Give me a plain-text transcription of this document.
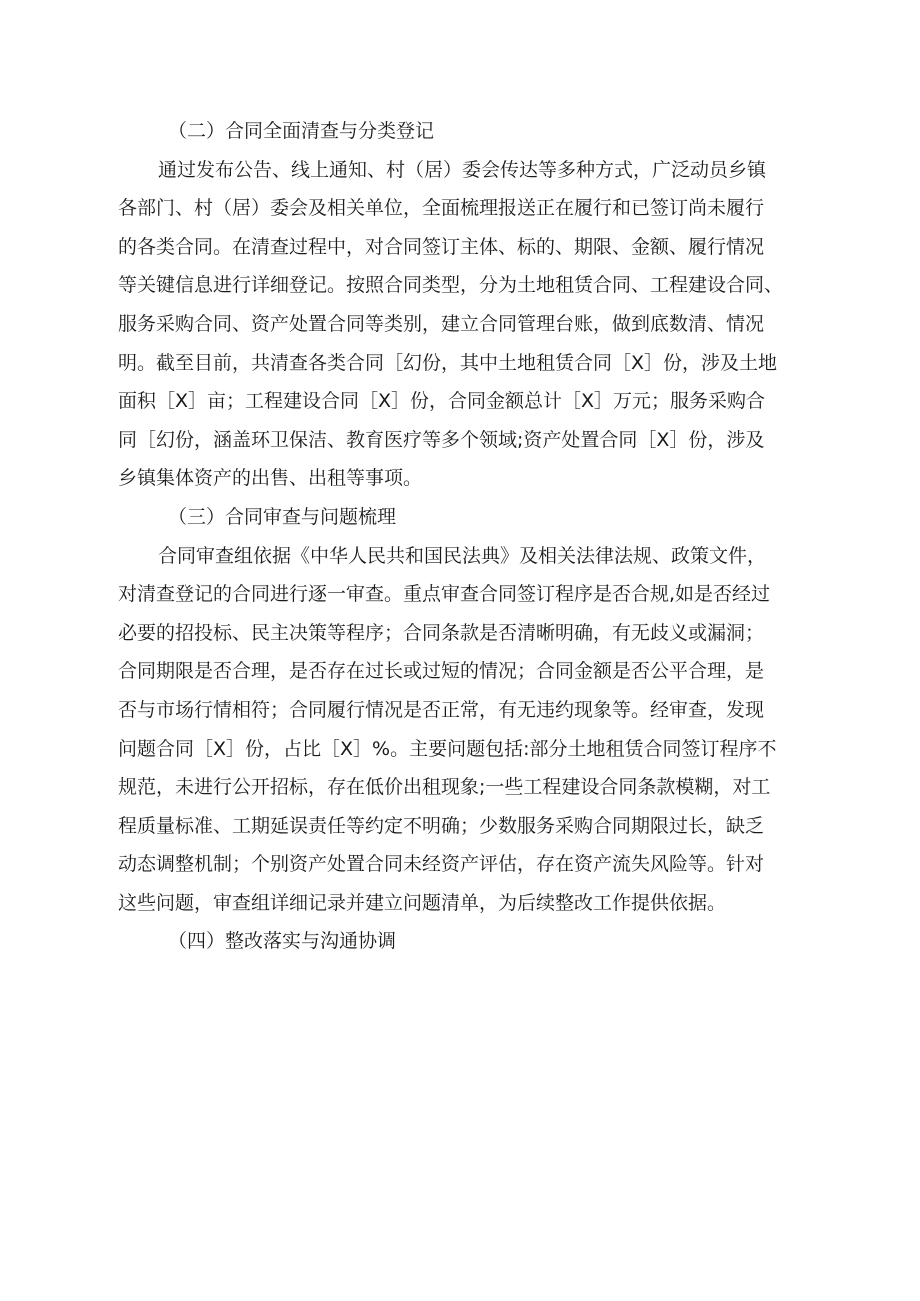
（二）合同全面清查与分类登记

通过发布公告、线上通知、村（居）委会传达等多种方式，广泛动员乡镇
各部门、村（居）委会及相关单位，全面梳理报送正在履行和已签订尚未履行
的各类合同。在清查过程中，对合同签订主体、标的、期限、金额、履行情况
等关键信息进行详细登记。按照合同类型，分为土地租赁合同、工程建设合同、
服务采购合同、资产处置合同等类别，建立合同管理台账，做到底数清、情况
明。截至目前，共清查各类合同［幻份，其中土地租赁合同［X］份，涉及土地
面积［X］亩；工程建设合同［X］份，合同金额总计［X］万元；服务采购合
同［幻份，涵盖环卫保洁、教育医疗等多个领域;资产处置合同［X］份，涉及
乡镇集体资产的出售、出租等事项。

（三）合同审查与问题梳理

合同审查组依据《中华人民共和国民法典》及相关法律法规、政策文件，
对清查登记的合同进行逐一审查。重点审查合同签订程序是否合规,如是否经过
必要的招投标、民主决策等程序；合同条款是否清晰明确，有无歧义或漏洞；
合同期限是否合理，是否存在过长或过短的情况；合同金额是否公平合理，是
否与市场行情相符；合同履行情况是否正常，有无违约现象等。经审查，发现
问题合同［X］份，占比［X］%。主要问题包括:部分土地租赁合同签订程序不
规范，未进行公开招标，存在低价出租现象;一些工程建设合同条款模糊，对工
程质量标准、工期延误责任等约定不明确；少数服务采购合同期限过长，缺乏
动态调整机制；个别资产处置合同未经资产评估，存在资产流失风险等。针对
这些问题，审查组详细记录并建立问题清单，为后续整改工作提供依据。

（四）整改落实与沟通协调
